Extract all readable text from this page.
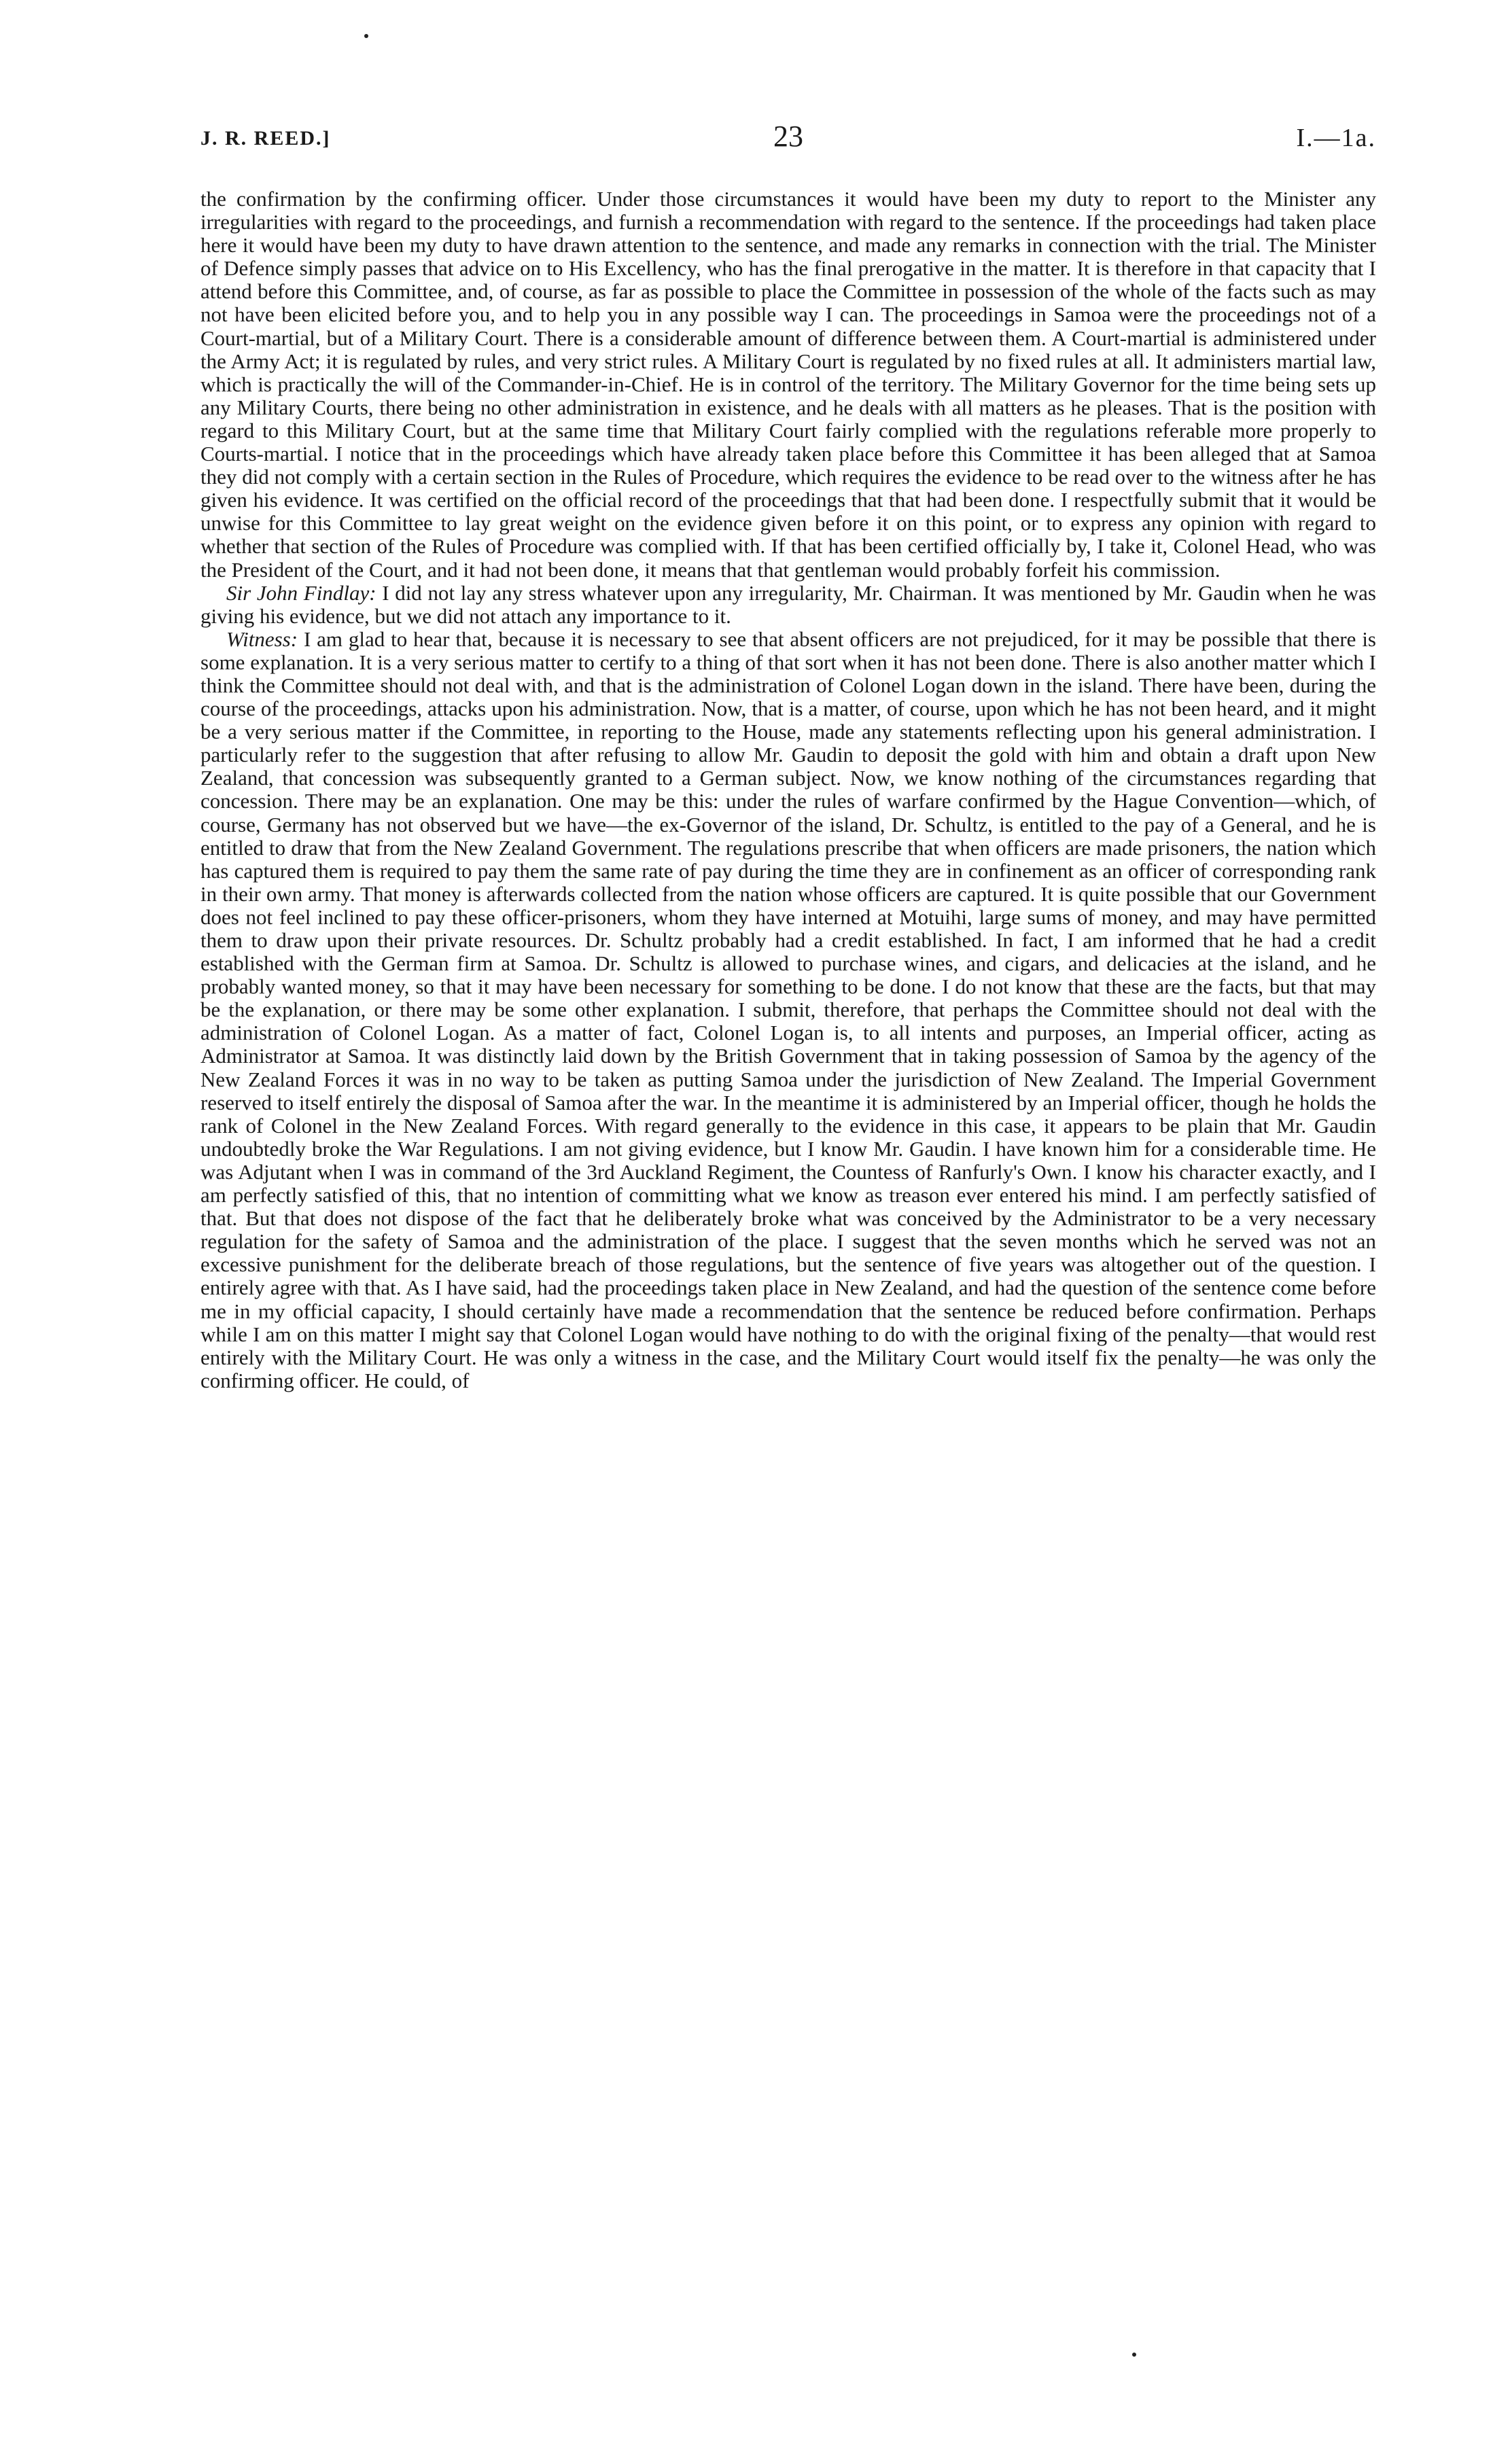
J. R. REED.]	23	I.—1a.

the confirmation by the confirming officer. Under those circumstances it would have been my duty to report to the Minister any irregularities with regard to the proceedings, and furnish a recommendation with regard to the sentence. If the proceedings had taken place here it would have been my duty to have drawn attention to the sentence, and made any remarks in connection with the trial. The Minister of Defence simply passes that advice on to His Excellency, who has the final prerogative in the matter. It is therefore in that capacity that I attend before this Committee, and, of course, as far as possible to place the Committee in possession of the whole of the facts such as may not have been elicited before you, and to help you in any possible way I can. The proceedings in Samoa were the proceedings not of a Court-martial, but of a Military Court. There is a considerable amount of difference between them. A Court-martial is administered under the Army Act; it is regulated by rules, and very strict rules. A Military Court is regulated by no fixed rules at all. It administers martial law, which is practically the will of the Commander-in-Chief. He is in control of the territory. The Military Governor for the time being sets up any Military Courts, there being no other administration in existence, and he deals with all matters as he pleases. That is the position with regard to this Military Court, but at the same time that Military Court fairly complied with the regulations referable more properly to Courts-martial. I notice that in the proceedings which have already taken place before this Committee it has been alleged that at Samoa they did not comply with a certain section in the Rules of Procedure, which requires the evidence to be read over to the witness after he has given his evidence. It was certified on the official record of the proceedings that that had been done. I respectfully submit that it would be unwise for this Committee to lay great weight on the evidence given before it on this point, or to express any opinion with regard to whether that section of the Rules of Procedure was complied with. If that has been certified officially by, I take it, Colonel Head, who was the President of the Court, and it had not been done, it means that that gentleman would probably forfeit his commission.

Sir John Findlay: I did not lay any stress whatever upon any irregularity, Mr. Chairman. It was mentioned by Mr. Gaudin when he was giving his evidence, but we did not attach any importance to it.

Witness: I am glad to hear that, because it is necessary to see that absent officers are not prejudiced, for it may be possible that there is some explanation. It is a very serious matter to certify to a thing of that sort when it has not been done. There is also another matter which I think the Committee should not deal with, and that is the administration of Colonel Logan down in the island. There have been, during the course of the proceedings, attacks upon his administration. Now, that is a matter, of course, upon which he has not been heard, and it might be a very serious matter if the Committee, in reporting to the House, made any statements reflecting upon his general administration. I particularly refer to the suggestion that after refusing to allow Mr. Gaudin to deposit the gold with him and obtain a draft upon New Zealand, that concession was subsequently granted to a German subject. Now, we know nothing of the circumstances regarding that concession. There may be an explanation. One may be this: under the rules of warfare confirmed by the Hague Convention—which, of course, Germany has not observed but we have—the ex-Governor of the island, Dr. Schultz, is entitled to the pay of a General, and he is entitled to draw that from the New Zealand Government. The regulations prescribe that when officers are made prisoners, the nation which has captured them is required to pay them the same rate of pay during the time they are in confinement as an officer of corresponding rank in their own army. That money is afterwards collected from the nation whose officers are captured. It is quite possible that our Government does not feel inclined to pay these officer-prisoners, whom they have interned at Motuihi, large sums of money, and may have permitted them to draw upon their private resources. Dr. Schultz probably had a credit established. In fact, I am informed that he had a credit established with the German firm at Samoa. Dr. Schultz is allowed to purchase wines, and cigars, and delicacies at the island, and he probably wanted money, so that it may have been necessary for something to be done. I do not know that these are the facts, but that may be the explanation, or there may be some other explanation. I submit, therefore, that perhaps the Committee should not deal with the administration of Colonel Logan. As a matter of fact, Colonel Logan is, to all intents and purposes, an Imperial officer, acting as Administrator at Samoa. It was distinctly laid down by the British Government that in taking possession of Samoa by the agency of the New Zealand Forces it was in no way to be taken as putting Samoa under the jurisdiction of New Zealand. The Imperial Government reserved to itself entirely the disposal of Samoa after the war. In the meantime it is administered by an Imperial officer, though he holds the rank of Colonel in the New Zealand Forces. With regard generally to the evidence in this case, it appears to be plain that Mr. Gaudin undoubtedly broke the War Regulations. I am not giving evidence, but I know Mr. Gaudin. I have known him for a considerable time. He was Adjutant when I was in command of the 3rd Auckland Regiment, the Countess of Ranfurly's Own. I know his character exactly, and I am perfectly satisfied of this, that no intention of committing what we know as treason ever entered his mind. I am perfectly satisfied of that. But that does not dispose of the fact that he deliberately broke what was conceived by the Administrator to be a very necessary regulation for the safety of Samoa and the administration of the place. I suggest that the seven months which he served was not an excessive punishment for the deliberate breach of those regulations, but the sentence of five years was altogether out of the question. I entirely agree with that. As I have said, had the proceedings taken place in New Zealand, and had the question of the sentence come before me in my official capacity, I should certainly have made a recommendation that the sentence be reduced before confirmation. Perhaps while I am on this matter I might say that Colonel Logan would have nothing to do with the original fixing of the penalty—that would rest entirely with the Military Court. He was only a witness in the case, and the Military Court would itself fix the penalty—he was only the confirming officer. He could, of
